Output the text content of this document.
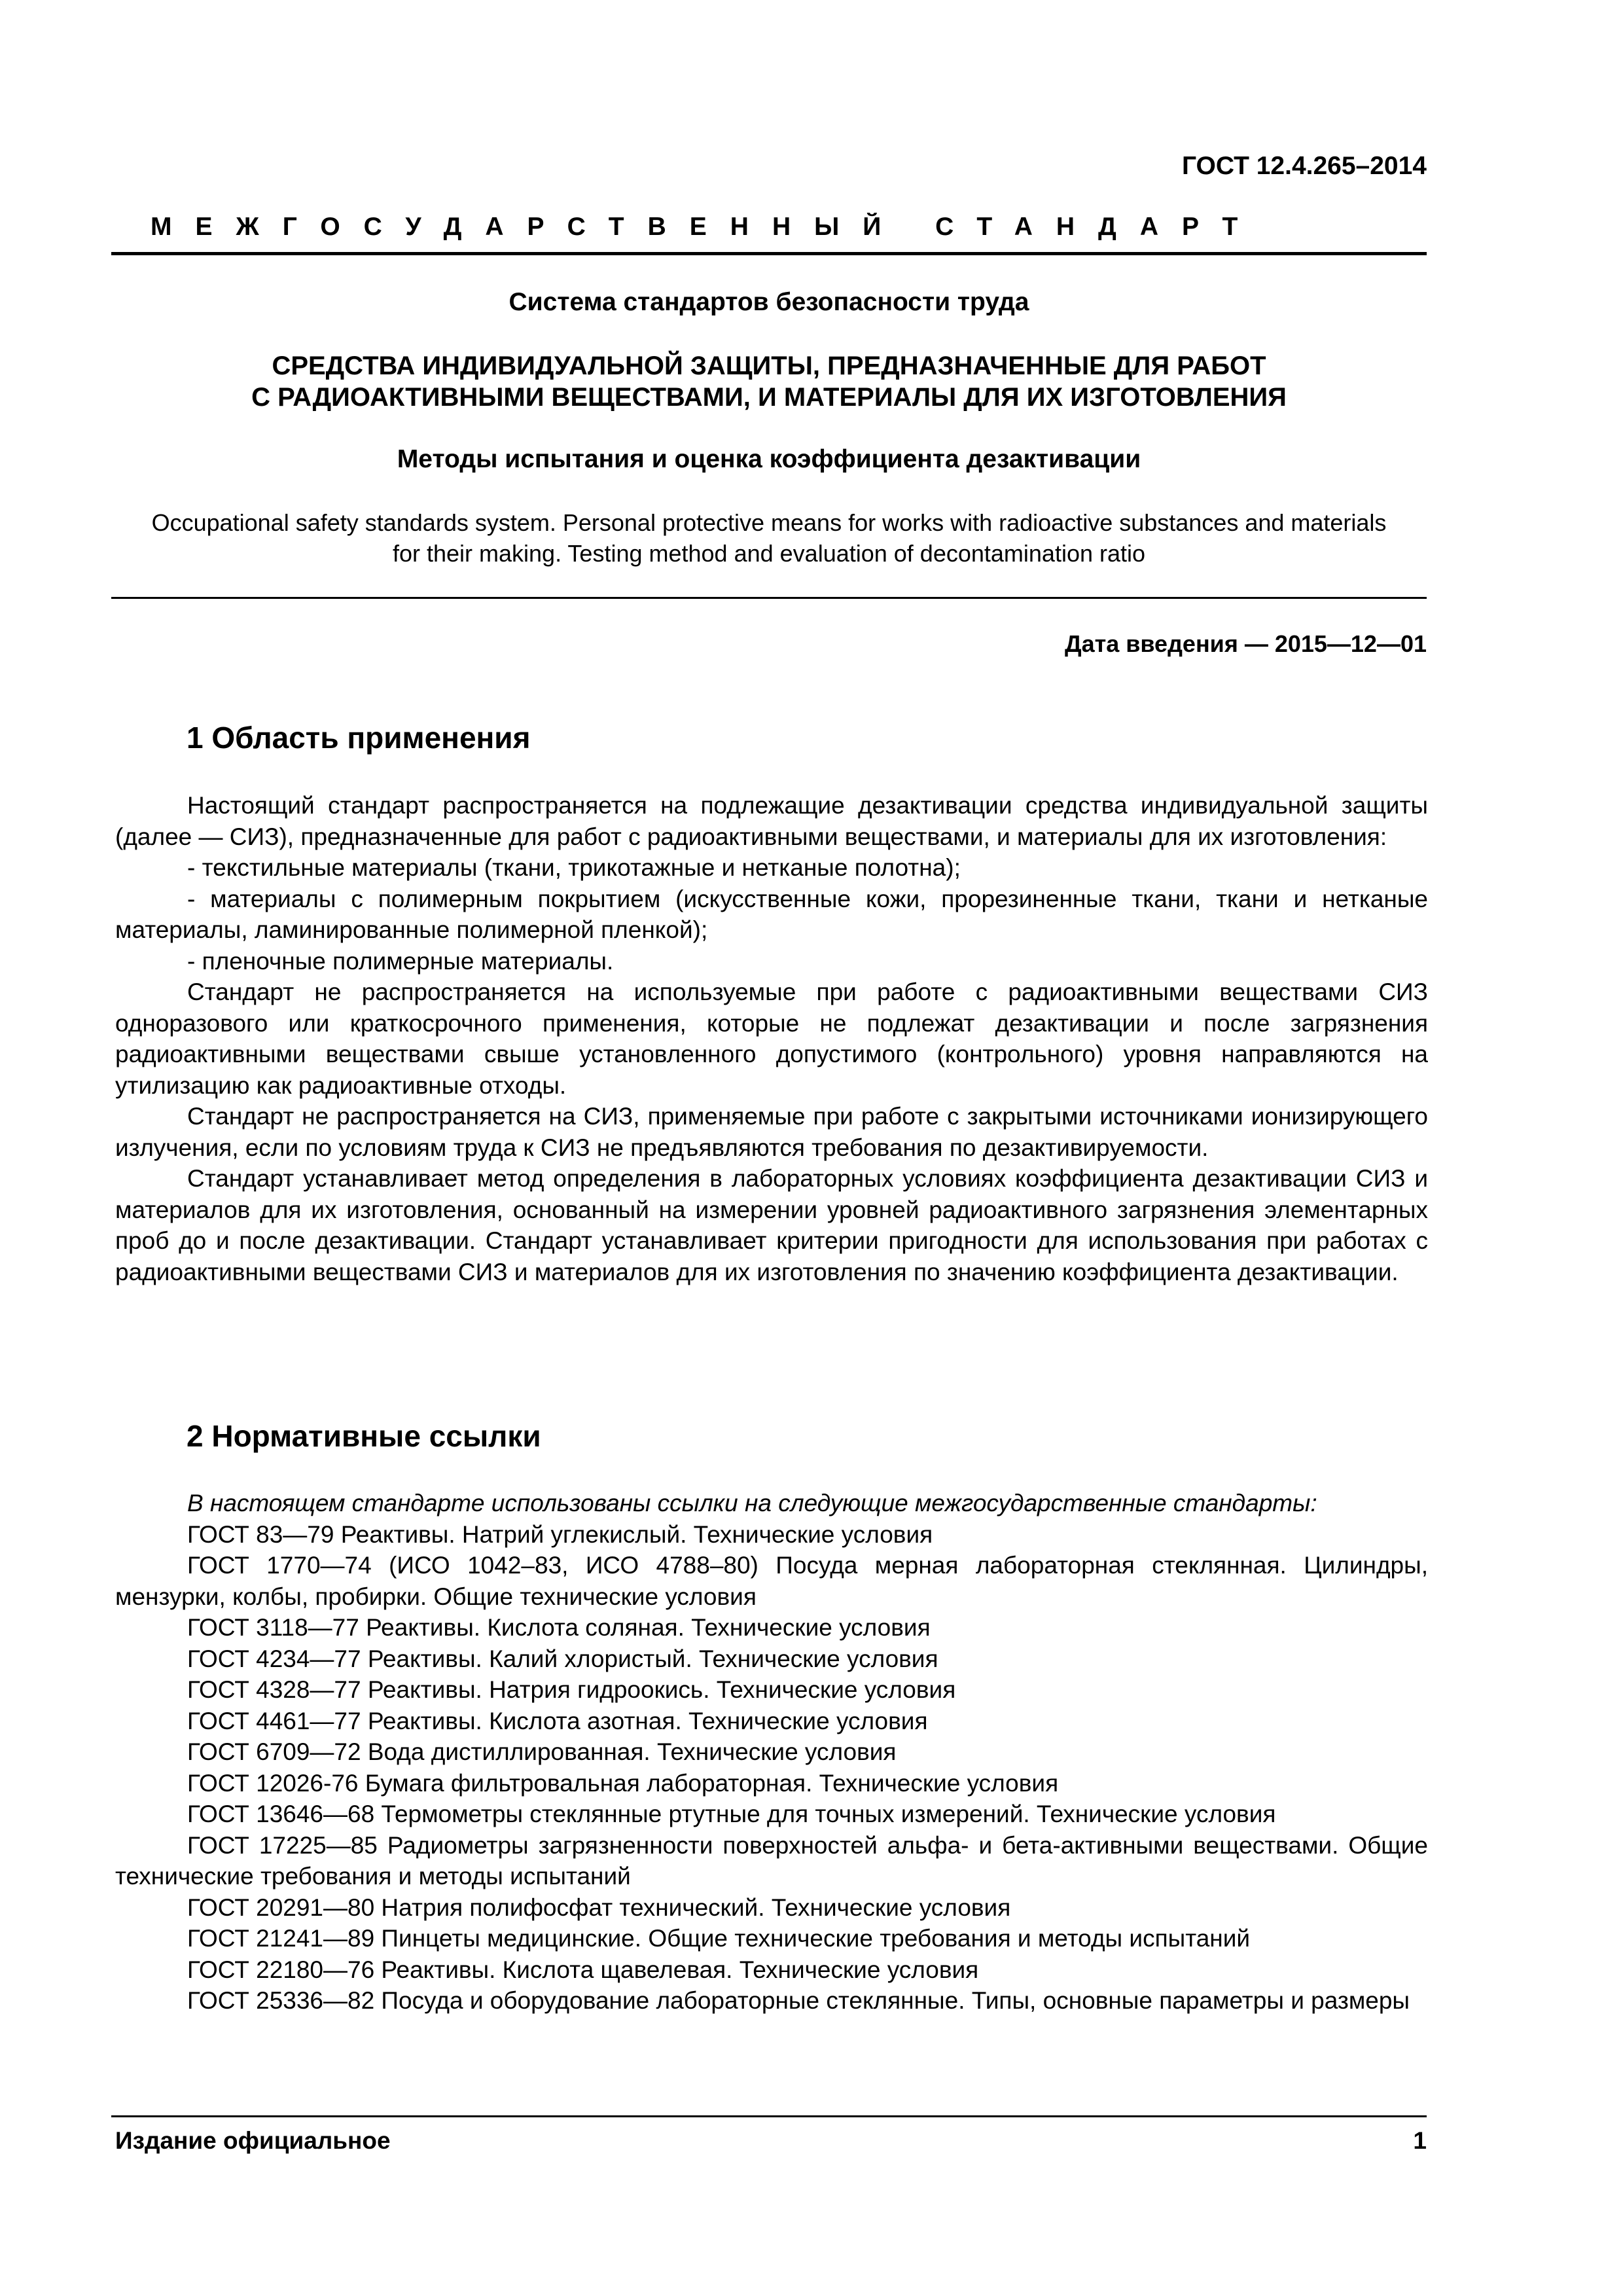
ГОСТ 12.4.265–2014
МЕЖГОСУДАРСТВЕННЫЙ СТАНДАРТ
Система стандартов безопасности труда
СРЕДСТВА ИНДИВИДУАЛЬНОЙ ЗАЩИТЫ, ПРЕДНАЗНАЧЕННЫЕ ДЛЯ РАБОТ
С РАДИОАКТИВНЫМИ ВЕЩЕСТВАМИ, И МАТЕРИАЛЫ ДЛЯ ИХ ИЗГОТОВЛЕНИЯ
Методы испытания и оценка коэффициента дезактивации
Occupational safety standards system. Personal protective means for works with radioactive substances and materials
for their making. Testing method and evaluation of decontamination ratio
Дата введения — 2015—12—01
1 Область применения

Настоящий стандарт распространяется на подлежащие дезактивации средства индивидуальной защиты (далее — СИЗ), предназначенные для работ с радиоактивными веществами, и материалы для их изготовления:

- текстильные материалы (ткани, трикотажные и нетканые полотна);

- материалы с полимерным покрытием (искусственные кожи, прорезиненные ткани, ткани и нетканые материалы, ламинированные полимерной пленкой);

- пленочные полимерные материалы.

Стандарт не распространяется на используемые при работе с радиоактивными веществами СИЗ одноразового или краткосрочного применения, которые не подлежат дезактивации и после загрязнения радиоактивными веществами свыше установленного допустимого (контрольного) уровня направляются на утилизацию как радиоактивные отходы.

Стандарт не распространяется на СИЗ, применяемые при работе с закрытыми источниками ионизирующего излучения, если по условиям труда к СИЗ не предъявляются требования по дезактивируемости.

Стандарт устанавливает метод определения в лабораторных условиях коэффициента дезактивации СИЗ и материалов для их изготовления, основанный на измерении уровней радиоактивного загрязнения элементарных проб до и после дезактивации. Стандарт устанавливает критерии пригодности для использования при работах с радиоактивными веществами СИЗ и материалов для их изготовления по значению коэффициента дезактивации.

2 Нормативные ссылки

В настоящем стандарте использованы ссылки на следующие межгосударственные стандарты:

ГОСТ 83—79 Реактивы. Натрий углекислый. Технические условия

ГОСТ 1770—74 (ИСО 1042–83, ИСО 4788–80) Посуда мерная лабораторная стеклянная. Цилиндры, мензурки, колбы, пробирки. Общие технические условия

ГОСТ 3118—77 Реактивы. Кислота соляная. Технические условия

ГОСТ 4234—77 Реактивы. Калий хлористый. Технические условия

ГОСТ 4328—77 Реактивы. Натрия гидроокись. Технические условия

ГОСТ 4461—77 Реактивы. Кислота азотная. Технические условия

ГОСТ 6709—72 Вода дистиллированная. Технические условия

ГОСТ 12026-76 Бумага фильтровальная лабораторная. Технические условия

ГОСТ 13646—68 Термометры стеклянные ртутные для точных измерений. Технические условия

ГОСТ 17225—85 Радиометры загрязненности поверхностей альфа- и бета-активными веществами. Общие технические требования и методы испытаний

ГОСТ 20291—80 Натрия полифосфат технический. Технические условия

ГОСТ 21241—89 Пинцеты медицинские. Общие технические требования и методы испытаний

ГОСТ 22180—76 Реактивы. Кислота щавелевая. Технические условия

ГОСТ 25336—82 Посуда и оборудование лабораторные стеклянные. Типы, основные параметры и размеры

Издание официальное	1
